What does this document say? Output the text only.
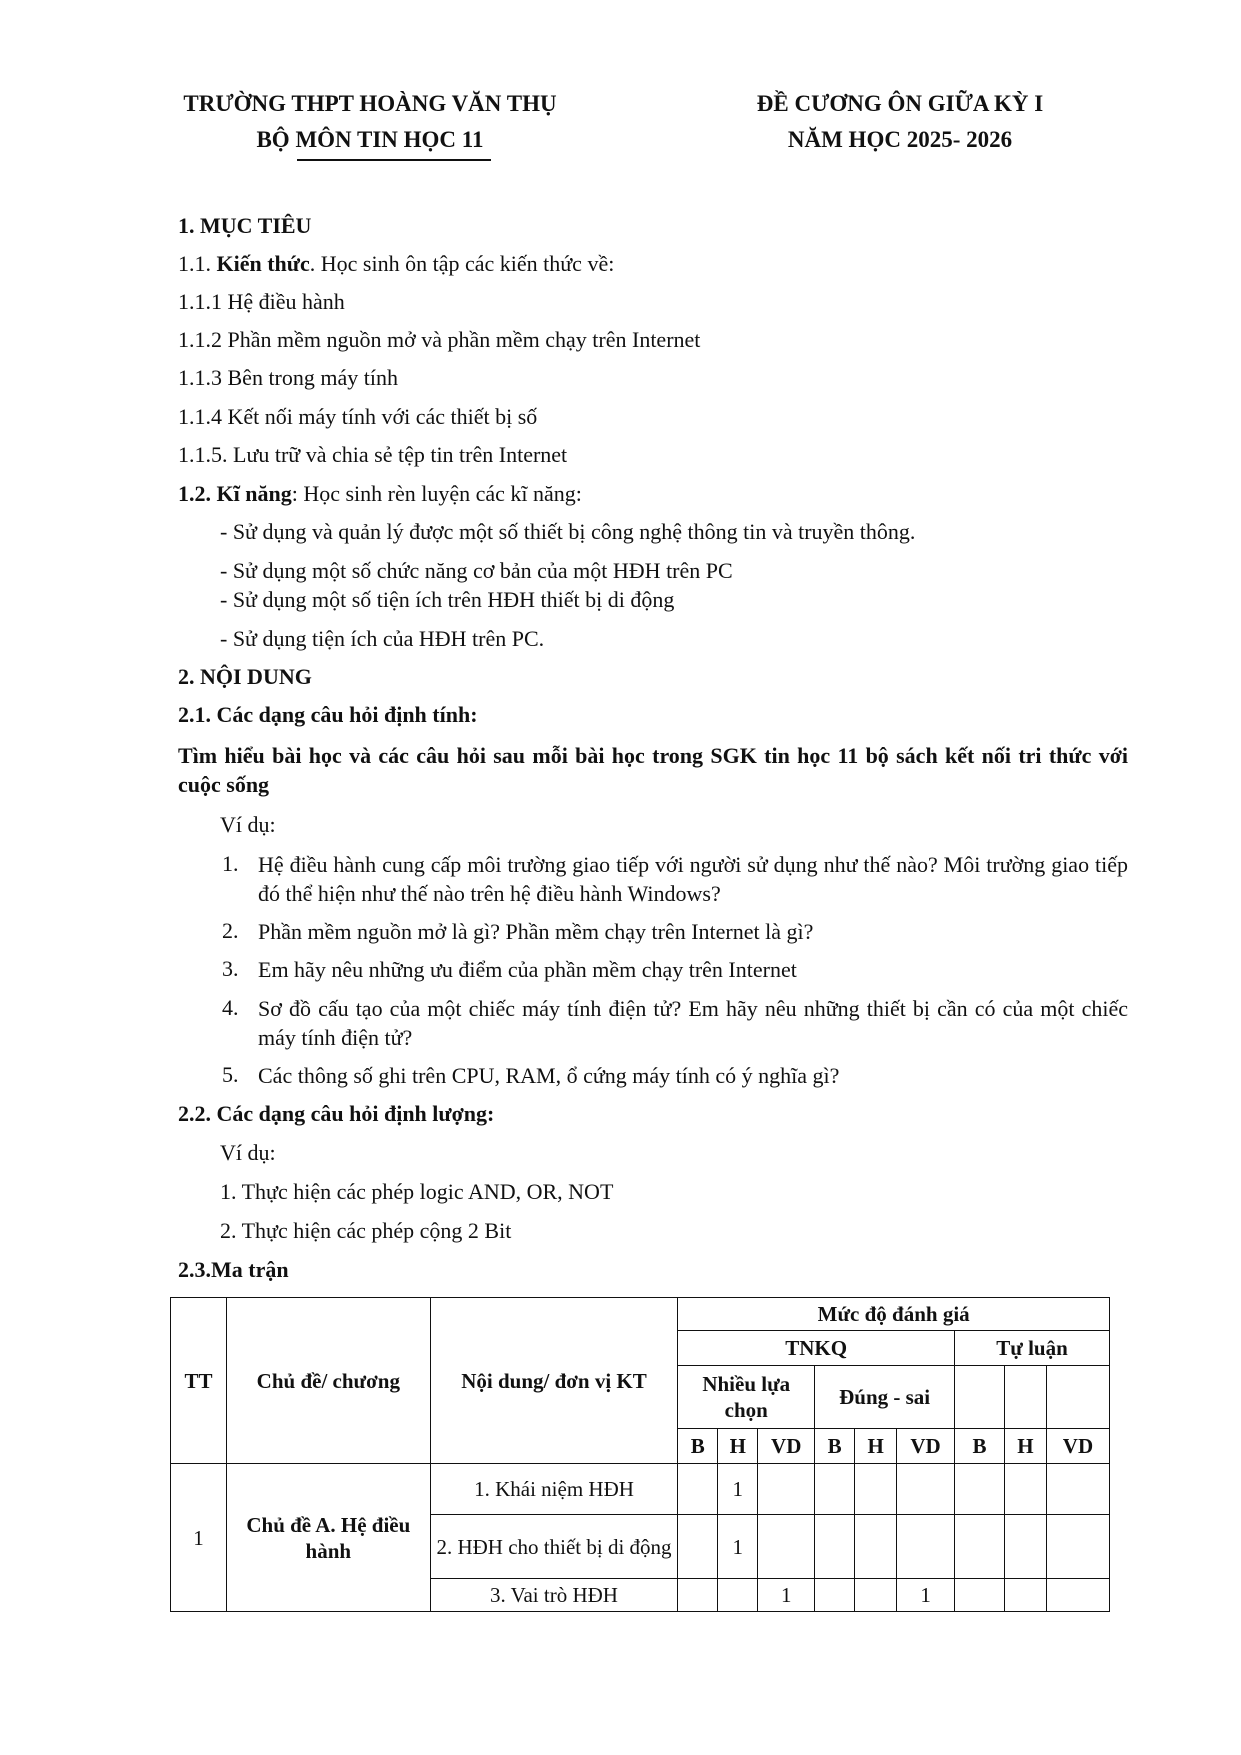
TRƯỜNG THPT HOÀNG VĂN THỤ
BỘ MÔN TIN HỌC 11
ĐỀ CƯƠNG ÔN GIỮA KỲ I
NĂM HỌC 2025- 2026
1. MỤC TIÊU
1.1. Kiến thức. Học sinh ôn tập các kiến thức về:
1.1.1 Hệ điều hành
1.1.2 Phần mềm nguồn mở và phần mềm chạy trên Internet
1.1.3 Bên trong máy tính
1.1.4 Kết nối máy tính với các thiết bị số
1.1.5. Lưu trữ và chia sẻ tệp tin trên Internet
1.2. Kĩ năng: Học sinh rèn luyện các kĩ năng:
- Sử dụng và quản lý được một số thiết bị công nghệ thông tin và truyền thông.
- Sử dụng một số chức năng cơ bản của một HĐH trên PC
- Sử dụng một số tiện ích trên HĐH thiết bị di động
- Sử dụng tiện ích của HĐH trên PC.
2. NỘI DUNG
2.1. Các dạng câu hỏi định tính:
Tìm hiểu bài học và các câu hỏi sau mỗi bài học trong SGK tin học 11 bộ sách kết nối tri thức với cuộc sống
Ví dụ:
1. Hệ điều hành cung cấp môi trường giao tiếp với người sử dụng như thế nào? Môi trường giao tiếp đó thể hiện như thế nào trên hệ điều hành Windows?
2. Phần mềm nguồn mở là gì? Phần mềm chạy trên Internet là gì?
3. Em hãy nêu những ưu điểm của phần mềm chạy trên Internet
4. Sơ đồ cấu tạo của một chiếc máy tính điện tử? Em hãy nêu những thiết bị cần có của một chiếc máy tính điện tử?
5. Các thông số ghi trên CPU, RAM, ổ cứng máy tính có ý nghĩa gì?
2.2. Các dạng câu hỏi định lượng:
Ví dụ:
1. Thực hiện các phép logic AND, OR, NOT
2. Thực hiện các phép cộng 2 Bit
2.3.Ma trận
TT	Chủ đề/ chương	Nội dung/ đơn vị KT	Mức độ đánh giá								
			TNKQ						Tự luận		
			Nhiều lựa chọn			Đúng - sai					
			B	H	VD	B	H	VD	B	H	VD
1	Chủ đề A. Hệ điều hành	1. Khái niệm HĐH		1							
		2. HĐH cho thiết bị di động		1							
		3. Vai trò HĐH			1			1			
